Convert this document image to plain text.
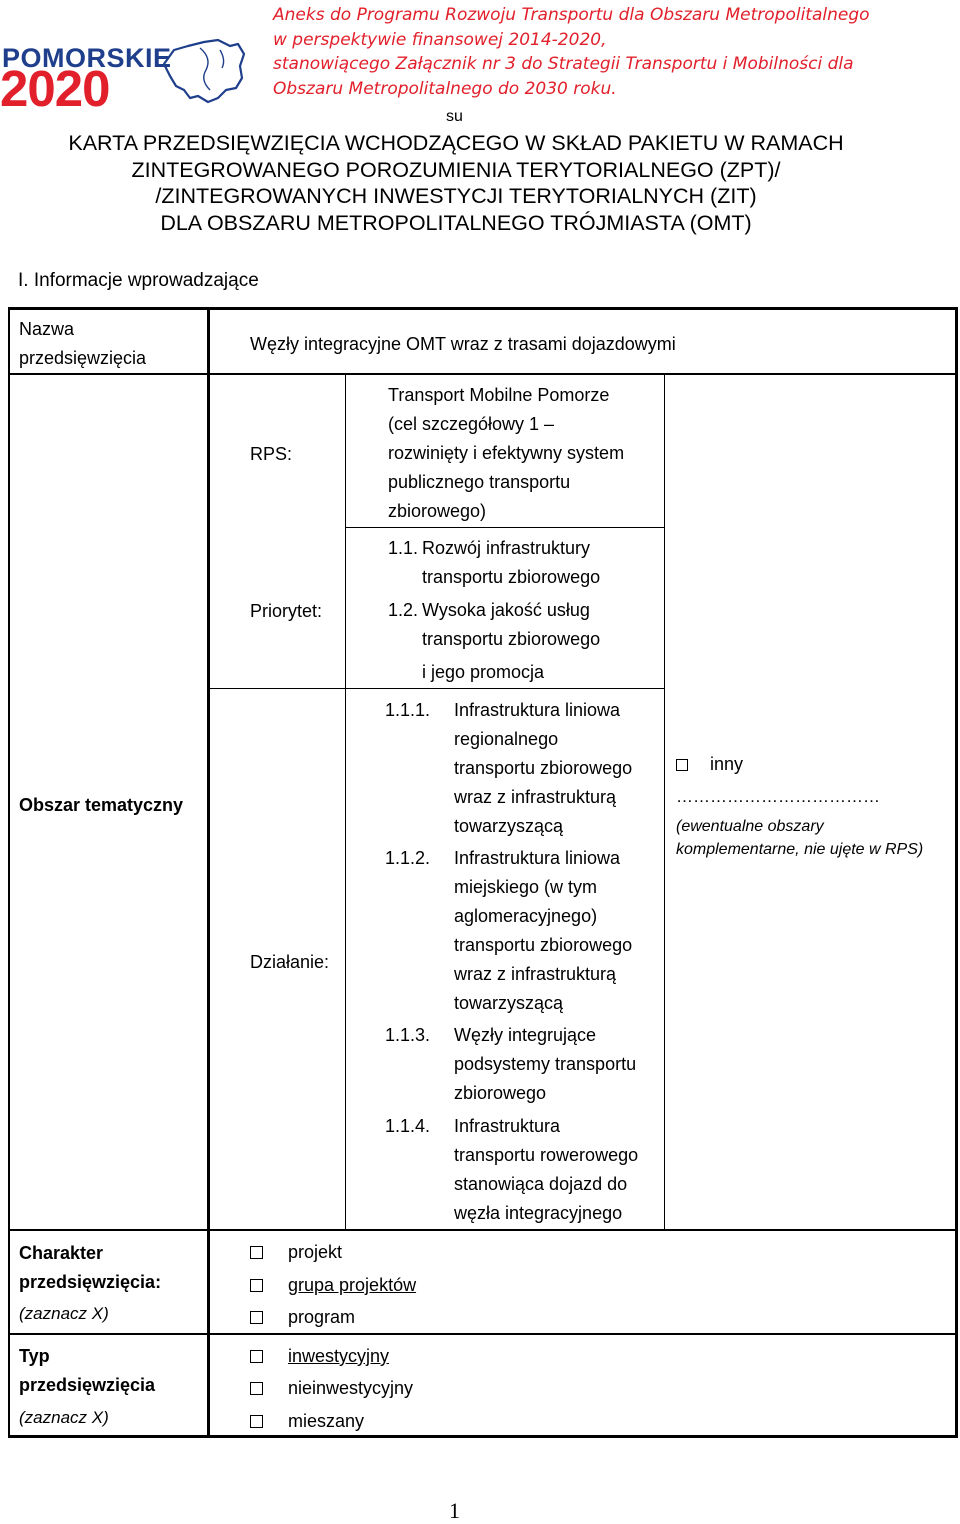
Aneks do Programu Rozwoju Transportu dla Obszaru Metropolitalnego
w perspektywie finansowej 2014-2020,
stanowiącego Załącznik nr 3 do Strategii Transportu i Mobilności dla
Obszaru Metropolitalnego do 2030 roku.
POMORSKIE
2020	su
KARTA PRZEDSIĘWZIĘCIA WCHODZĄCEGO W SKŁAD PAKIETU W RAMACH
ZINTEGROWANEGO POROZUMIENIA TERYTORIALNEGO (ZPT)/
/ZINTEGROWANYCH INWESTYCJI TERYTORIALNYCH (ZIT)
DLA OBSZARU METROPOLITALNEGO TRÓJMIASTA (OMT)
I. Informacje wprowadzające
Nazwa
przedsięwzięcia
Węzły integracyjne OMT wraz z trasami dojazdowymi
Obszar tematyczny
RPS:
Transport Mobilne Pomorze
(cel szczegółowy 1 –
rozwinięty i efektywny system
publicznego transportu
zbiorowego)
Priorytet:
1.1. Rozwój infrastruktury
transportu zbiorowego
1.2. Wysoka jakość usług
transportu zbiorowego
i jego promocja
Działanie:
1.1.1. Infrastruktura liniowa
regionalnego
transportu zbiorowego
wraz z infrastrukturą
towarzyszącą
1.1.2. Infrastruktura liniowa
miejskiego (w tym
aglomeracyjnego)
transportu zbiorowego
wraz z infrastrukturą
towarzyszącą
1.1.3. Węzły integrujące
podsystemy transportu
zbiorowego
1.1.4. Infrastruktura
transportu rowerowego
stanowiąca dojazd do
węzła integracyjnego
inny
………………………………
(ewentualne obszary
komplementarne, nie ujęte w RPS)
Charakter
przedsięwzięcia:
(zaznacz X)
projekt
grupa projektów
program
Typ
przedsięwzięcia
(zaznacz X)
inwestycyjny
nieinwestycyjny
mieszany
1
